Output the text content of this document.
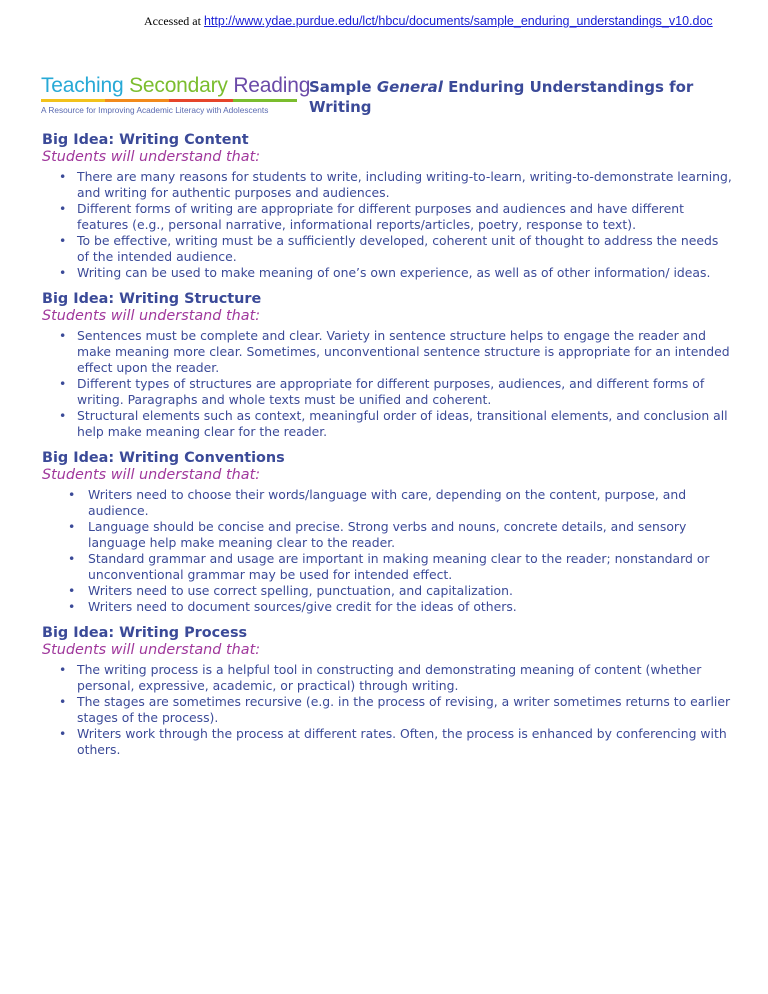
Accessed at http://www.ydae.purdue.edu/lct/hbcu/documents/sample_enduring_understandings_v10.doc
Teaching Secondary Reading
A Resource for Improving Academic Literacy with Adolescents
Sample General Enduring Understandings for Writing
Big Idea: Writing Content
Students will understand that:
• There are many reasons for students to write, including writing-to-learn, writing-to-demonstrate learning, and writing for authentic purposes and audiences.
• Different forms of writing are appropriate for different purposes and audiences and have different features (e.g., personal narrative, informational reports/articles, poetry, response to text).
• To be effective, writing must be a sufficiently developed, coherent unit of thought to address the needs of the intended audience.
• Writing can be used to make meaning of one’s own experience, as well as of other information/ ideas.
Big Idea: Writing Structure
Students will understand that:
• Sentences must be complete and clear. Variety in sentence structure helps to engage the reader and make meaning more clear. Sometimes, unconventional sentence structure is appropriate for an intended effect upon the reader.
• Different types of structures are appropriate for different purposes, audiences, and different forms of writing. Paragraphs and whole texts must be unified and coherent.
• Structural elements such as context, meaningful order of ideas, transitional elements, and conclusion all help make meaning clear for the reader.
Big Idea: Writing Conventions
Students will understand that:
• Writers need to choose their words/language with care, depending on the content, purpose, and audience.
• Language should be concise and precise. Strong verbs and nouns, concrete details, and sensory language help make meaning clear to the reader.
• Standard grammar and usage are important in making meaning clear to the reader; nonstandard or unconventional grammar may be used for intended effect.
• Writers need to use correct spelling, punctuation, and capitalization.
• Writers need to document sources/give credit for the ideas of others.
Big Idea: Writing Process
Students will understand that:
• The writing process is a helpful tool in constructing and demonstrating meaning of content (whether personal, expressive, academic, or practical) through writing.
• The stages are sometimes recursive (e.g. in the process of revising, a writer sometimes returns to earlier stages of the process).
• Writers work through the process at different rates. Often, the process is enhanced by conferencing with others.
